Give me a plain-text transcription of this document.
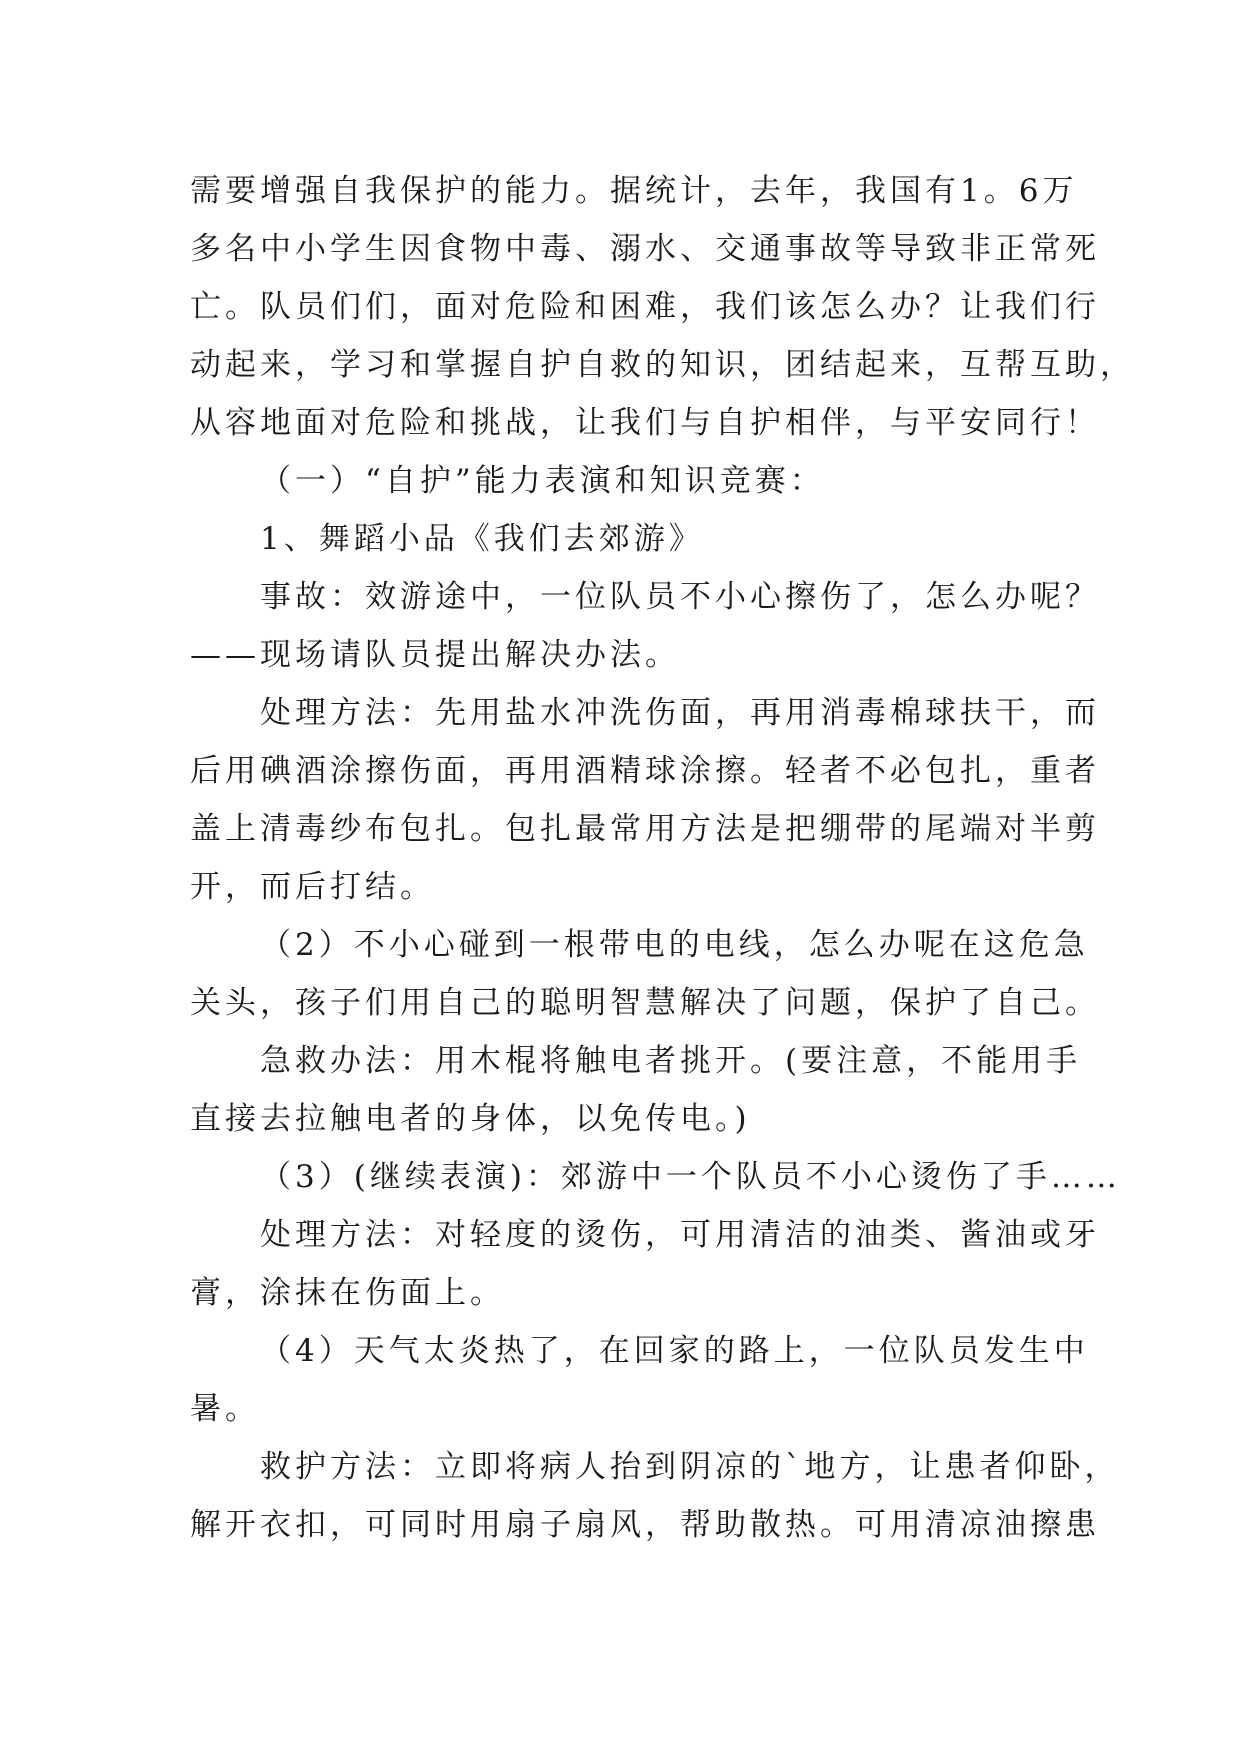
需要增强自我保护的能力。据统计，去年，我国有1。6万

多名中小学生因食物中毒、溺水、交通事故等导致非正常死

亡。队员们们，面对危险和困难，我们该怎么办？让我们行

动起来，学习和掌握自护自救的知识，团结起来，互帮互助，

从容地面对危险和挑战，让我们与自护相伴，与平安同行！

（一）“自护”能力表演和知识竞赛：

1、舞蹈小品《我们去郊游》

事故：效游途中，一位队员不小心擦伤了，怎么办呢？

——现场请队员提出解决办法。

处理方法：先用盐水冲洗伤面，再用消毒棉球扶干，而

后用碘酒涂擦伤面，再用酒精球涂擦。轻者不必包扎，重者

盖上清毒纱布包扎。包扎最常用方法是把绷带的尾端对半剪

开，而后打结。

（2）不小心碰到一根带电的电线，怎么办呢在这危急

关头，孩子们用自己的聪明智慧解决了问题，保护了自己。

急救办法：用木棍将触电者挑开。(要注意，不能用手

直接去拉触电者的身体，以免传电。)

（3）(继续表演)：郊游中一个队员不小心烫伤了手……

处理方法：对轻度的烫伤，可用清洁的油类、酱油或牙

膏，涂抹在伤面上。

（4）天气太炎热了，在回家的路上，一位队员发生中

暑。

救护方法：立即将病人抬到阴凉的`地方，让患者仰卧，

解开衣扣，可同时用扇子扇风，帮助散热。可用清凉油擦患
